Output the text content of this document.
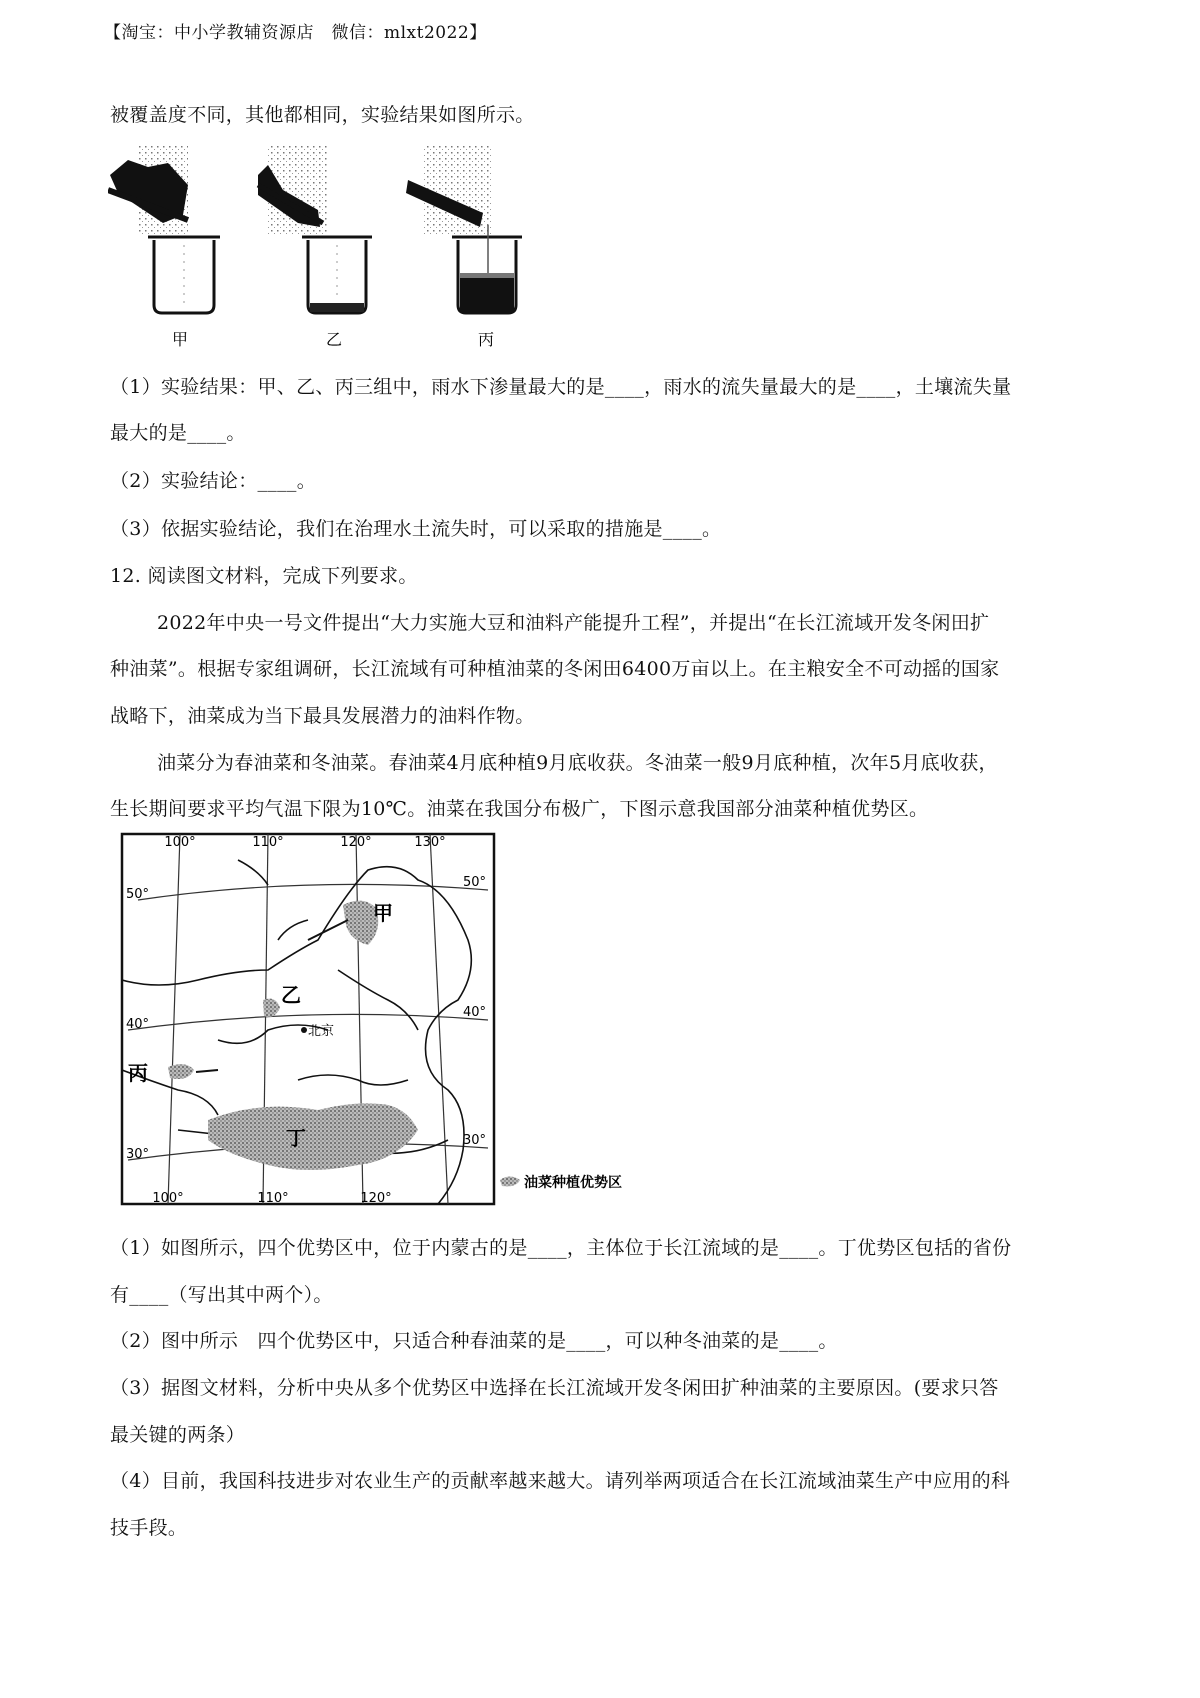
【淘宝：中小学教辅资源店　微信：mlxt2022】
被覆盖度不同，其他都相同，实验结果如图所示。
甲	乙	丙
（1）实验结果：甲、乙、丙三组中，雨水下渗量最大的是____，雨水的流失量最大的是____，土壤流失量
最大的是____。
（2）实验结论：____。
（3）依据实验结论，我们在治理水土流失时，可以采取的措施是____。
12. 阅读图文材料，完成下列要求。
2022年中央一号文件提出“大力实施大豆和油料产能提升工程”，并提出“在长江流域开发冬闲田扩
种油菜”。根据专家组调研，长江流域有可种植油菜的冬闲田6400万亩以上。在主粮安全不可动摇的国家
战略下，油菜成为当下最具发展潜力的油料作物。
油菜分为春油菜和冬油菜。春油菜4月底种植9月底收获。冬油菜一般9月底种植，次年5月底收获，
生长期间要求平均气温下限为10℃。油菜在我国分布极广，下图示意我国部分油菜种植优势区。
100°	110°	120°	130°
100°	110°	120°
50°
40°
30°
50°
40°
30°
甲
乙
丙
丁
北京
油菜种植优势区
（1）如图所示，四个优势区中，位于内蒙古的是____，主体位于长江流域的是____。丁优势区包括的省份
有____（写出其中两个）。
（2）图中所示　四个优势区中，只适合种春油菜的是____，可以种冬油菜的是____。
（3）据图文材料，分析中央从多个优势区中选择在长江流域开发冬闲田扩种油菜的主要原因。(要求只答
最关键的两条）
（4）目前，我国科技进步对农业生产的贡献率越来越大。请列举两项适合在长江流域油菜生产中应用的科
技手段。
